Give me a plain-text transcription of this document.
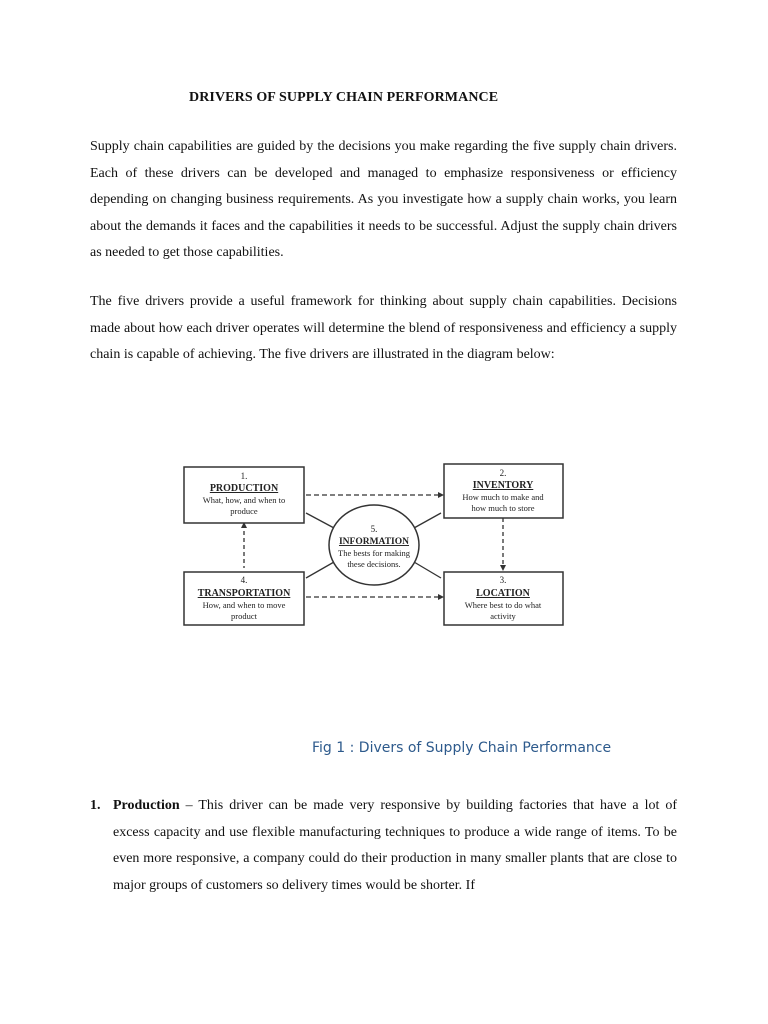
DRIVERS OF SUPPLY CHAIN PERFORMANCE

Supply chain capabilities are guided by the decisions you make regarding the five supply chain drivers. Each of these drivers can be developed and managed to emphasize responsiveness or efficiency depending on changing business requirements. As you investigate how a supply chain works, you learn about the demands it faces and the capabilities it needs to be successful. Adjust the supply chain drivers as needed to get those capabilities.

The five drivers provide a useful framework for thinking about supply chain capabilities. Decisions made about how each driver operates will determine the blend of responsiveness and efficiency a supply chain is capable of achieving. The five drivers are illustrated in the diagram below:

1.
PRODUCTION
What, how, and when to
produce
2.
INVENTORY
How much to make and
how much to store
5.
INFORMATION
The bests for making
these decisions.
4.
TRANSPORTATION
How, and when to move
product
3.
LOCATION
Where best to do what
activity
Fig 1 : Divers of Supply Chain Performance
1. Production – This driver can be made very responsive by building factories that have a lot of excess capacity and use flexible manufacturing techniques to produce a wide range of items. To be even more responsive, a company could do their production in many smaller plants that are close to major groups of customers so delivery times would be shorter. If
